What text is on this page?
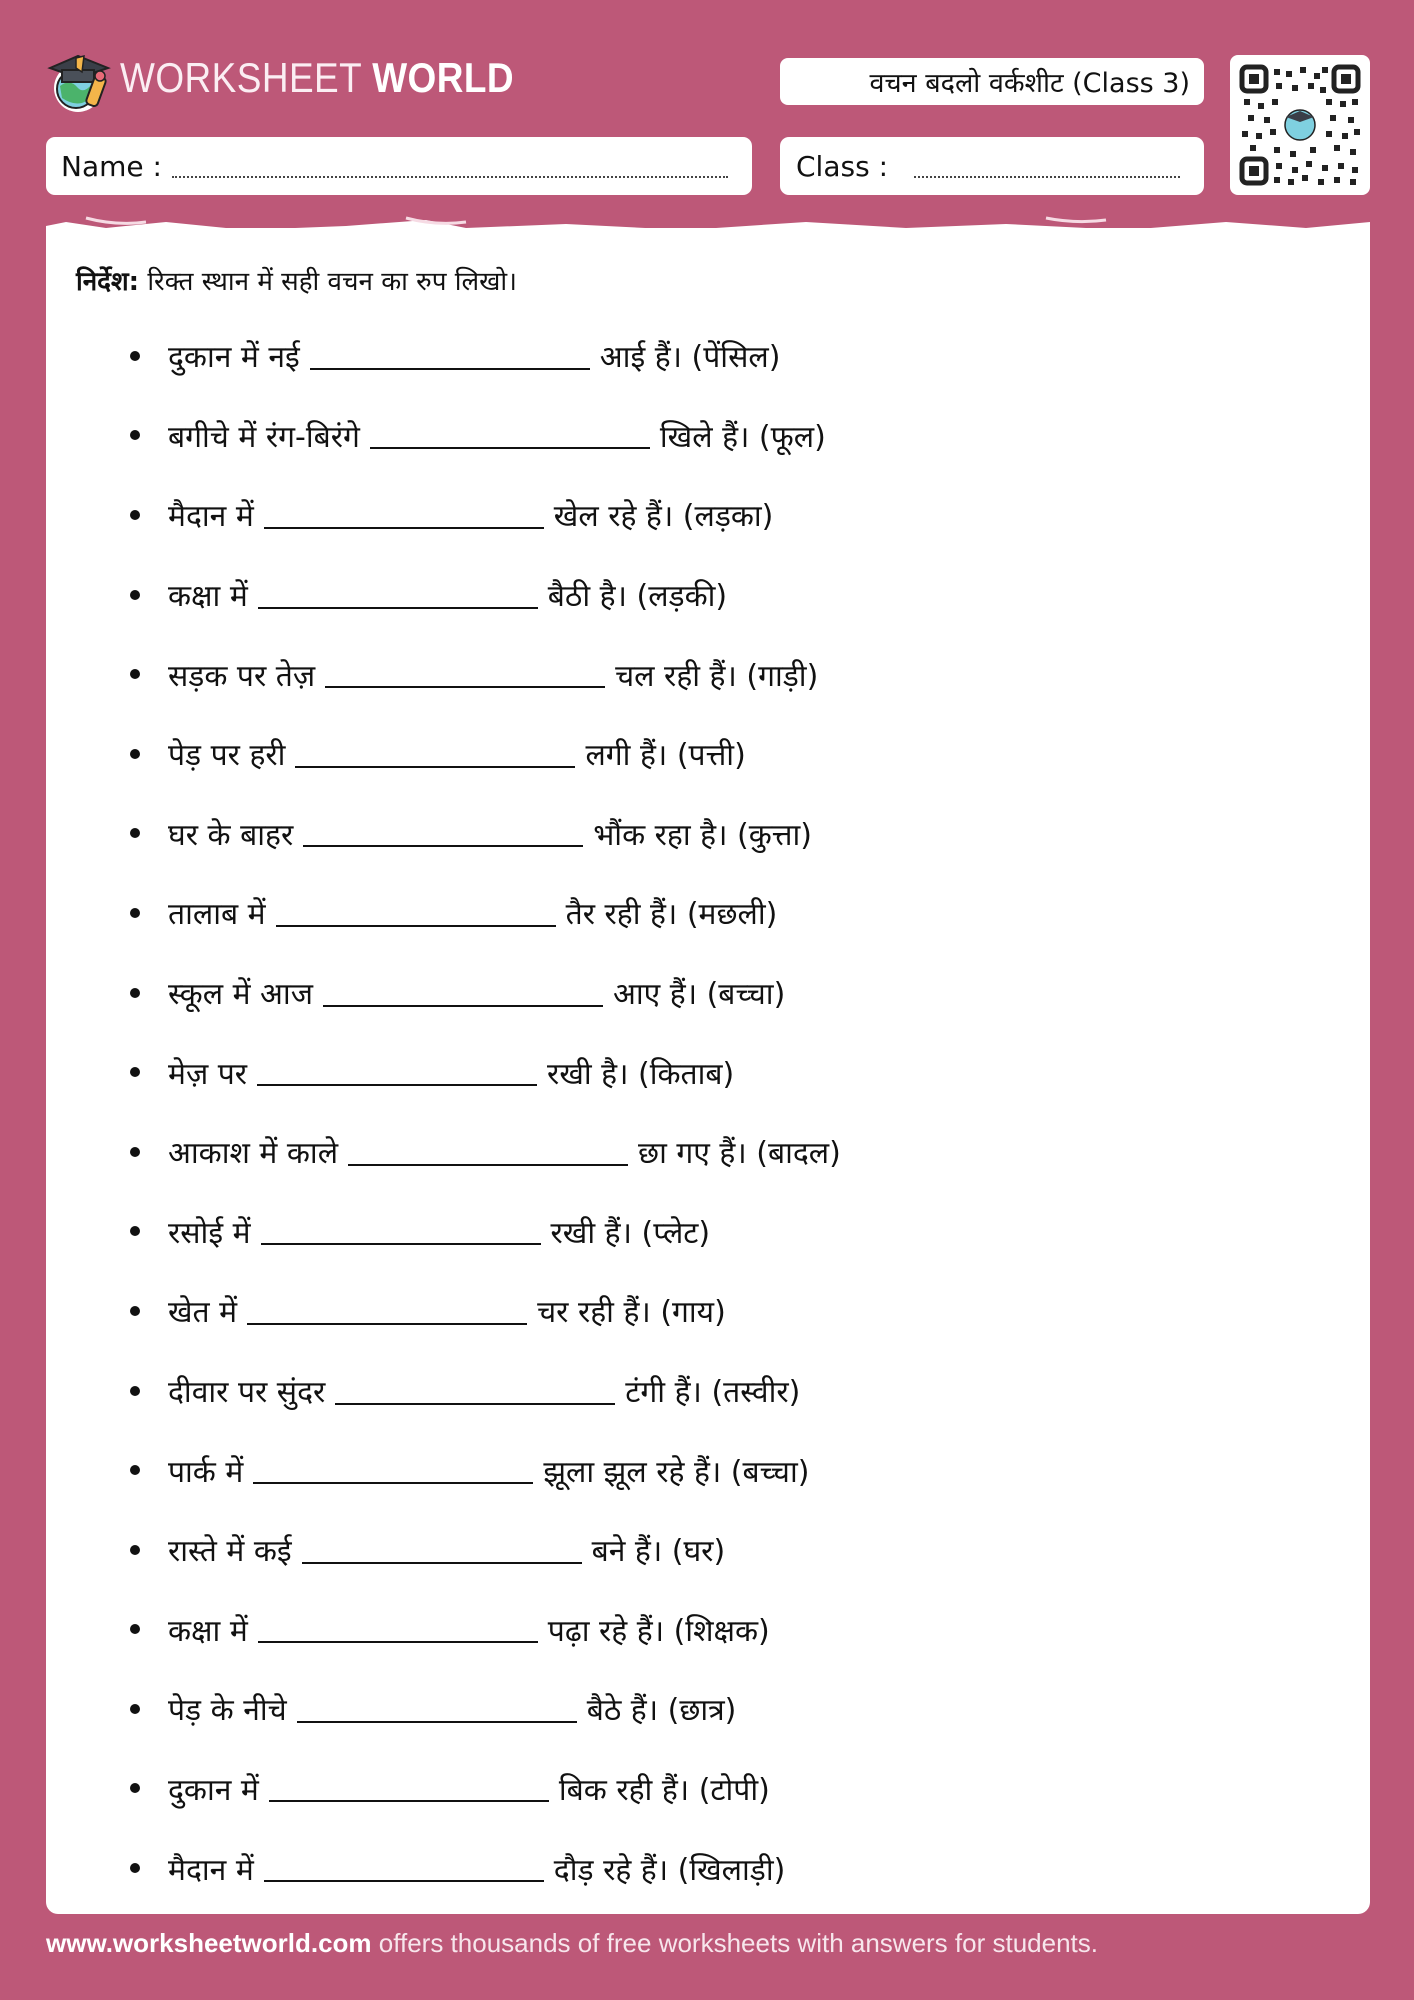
WORKSHEET WORLD	वचन बदलो वर्कशीट (Class 3)
Name :	Class :
निर्देश: रिक्त स्थान में सही वचन का रुप लिखो।
दुकान में नई	आई हैं। (पेंसिल)
बगीचे में रंग-बिरंगे	खिले हैं। (फूल)
मैदान में	खेल रहे हैं। (लड़का)
कक्षा में	बैठी है। (लड़की)
सड़क पर तेज़	चल रही हैं। (गाड़ी)
पेड़ पर हरी	लगी हैं। (पत्ती)
घर के बाहर	भौंक रहा है। (कुत्ता)
तालाब में	तैर रही हैं। (मछली)
स्कूल में आज	आए हैं। (बच्चा)
मेज़ पर	रखी है। (किताब)
आकाश में काले	छा गए हैं। (बादल)
रसोई में	रखी हैं। (प्लेट)
खेत में	चर रही हैं। (गाय)
दीवार पर सुंदर	टंगी हैं। (तस्वीर)
पार्क में	झूला झूल रहे हैं। (बच्चा)
रास्ते में कई	बने हैं। (घर)
कक्षा में	पढ़ा रहे हैं। (शिक्षक)
पेड़ के नीचे	बैठे हैं। (छात्र)
दुकान में	बिक रही हैं। (टोपी)
मैदान में	दौड़ रहे हैं। (खिलाड़ी)
www.worksheetworld.com offers thousands of free worksheets with answers for students.
